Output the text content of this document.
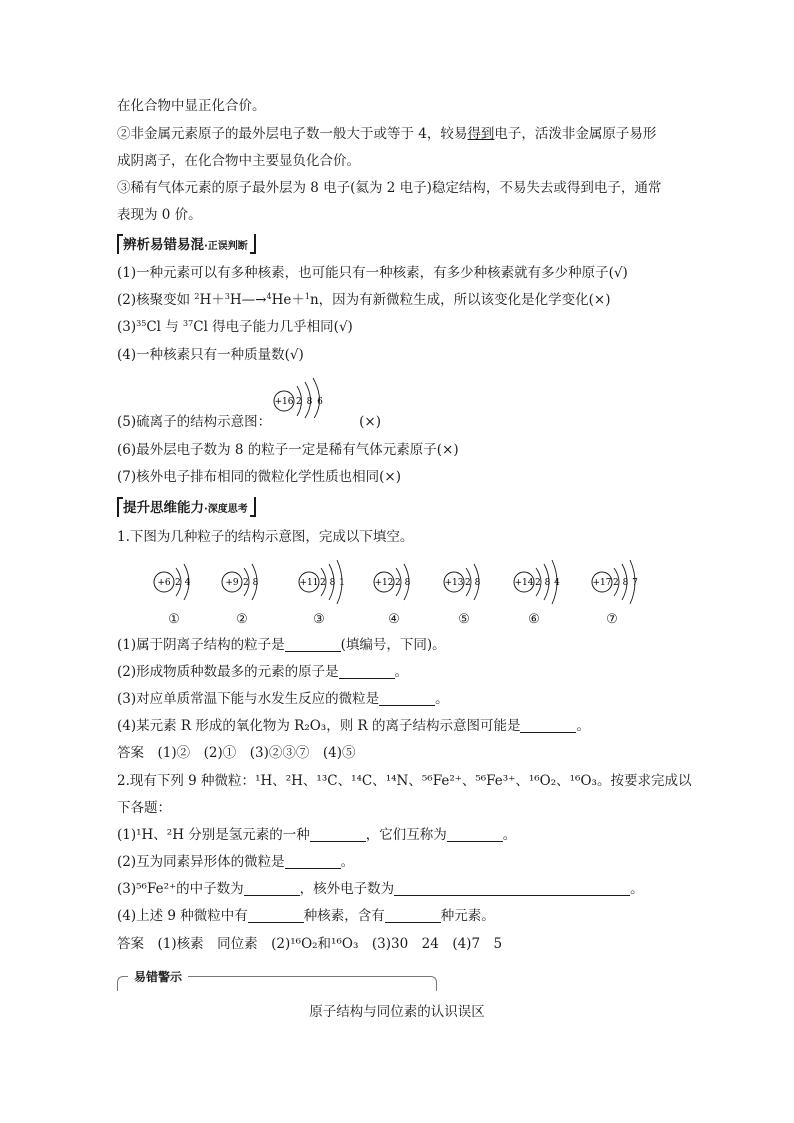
在化合物中显正化合价。
②非金属元素原子的最外层电子数一般大于或等于 4，较易得到电子，活泼非金属原子易形
成阴离子，在化合物中主要显负化合价。
③稀有气体元素的原子最外层为 8 电子(氦为 2 电子)稳定结构，不易失去或得到电子，通常
表现为 0 价。
辨析易错易混·正误判断
(1)一种元素可以有多种核素，也可能只有一种核素，有多少种核素就有多少种原子(√)
(2)核聚变如 $^2$H＋$^3$H—→$^4$He＋$^1$n，因为有新微粒生成，所以该变化是化学变化(×)
$(3)^{35}Cl$ 与 $^{37}$Cl 得电子能力几乎相同(√)
(4)一种核素只有一种质量数(√)
+16 2 8 6
(5)硫离子的结构示意图：	(×)
(6)最外层电子数为 8 的粒子一定是稀有气体元素原子(×)
(7)核外电子排布相同的微粒化学性质也相同(×)
提升思维能力·深度思考
1.下图为几种粒子的结构示意图，完成以下填空。
+6 2 4
①
+9 2 8
②
+11 2 8 1
③
+12 2 8
④
+13 2 8
⑤
+14 2 8 4
⑥
+17 2 8 7
⑦
(1)属于阴离子结构的粒子是	(填编号，下同)。
(2)形成物质种数最多的元素的原子是	。
(3)对应单质常温下能与水发生反应的微粒是	。
(4)某元素 R 形成的氧化物为 R₂O₃，则 R 的离子结构示意图可能是	。
答案　(1)②　(2)①　(3)②③⑦　(4)⑤
2.现有下列 9 种微粒：¹H、²H、¹³C、¹⁴C、¹⁴N、⁵⁶Fe²⁺、⁵⁶Fe³⁺、¹⁶O₂、¹⁶O₃。按要求完成以
下各题：
(1)¹H、²H 分别是氢元素的一种	，它们互称为	。
(2)互为同素异形体的微粒是	。
(3)⁵⁶Fe²⁺的中子数为	，核外电子数为	。
(4)上述 9 种微粒中有	种核素，含有	种元素。
答案　(1)核素　同位素　(2)¹⁶O₂和¹⁶O₃　(3)30　24　(4)7　5
易错警示
原子结构与同位素的认识误区
